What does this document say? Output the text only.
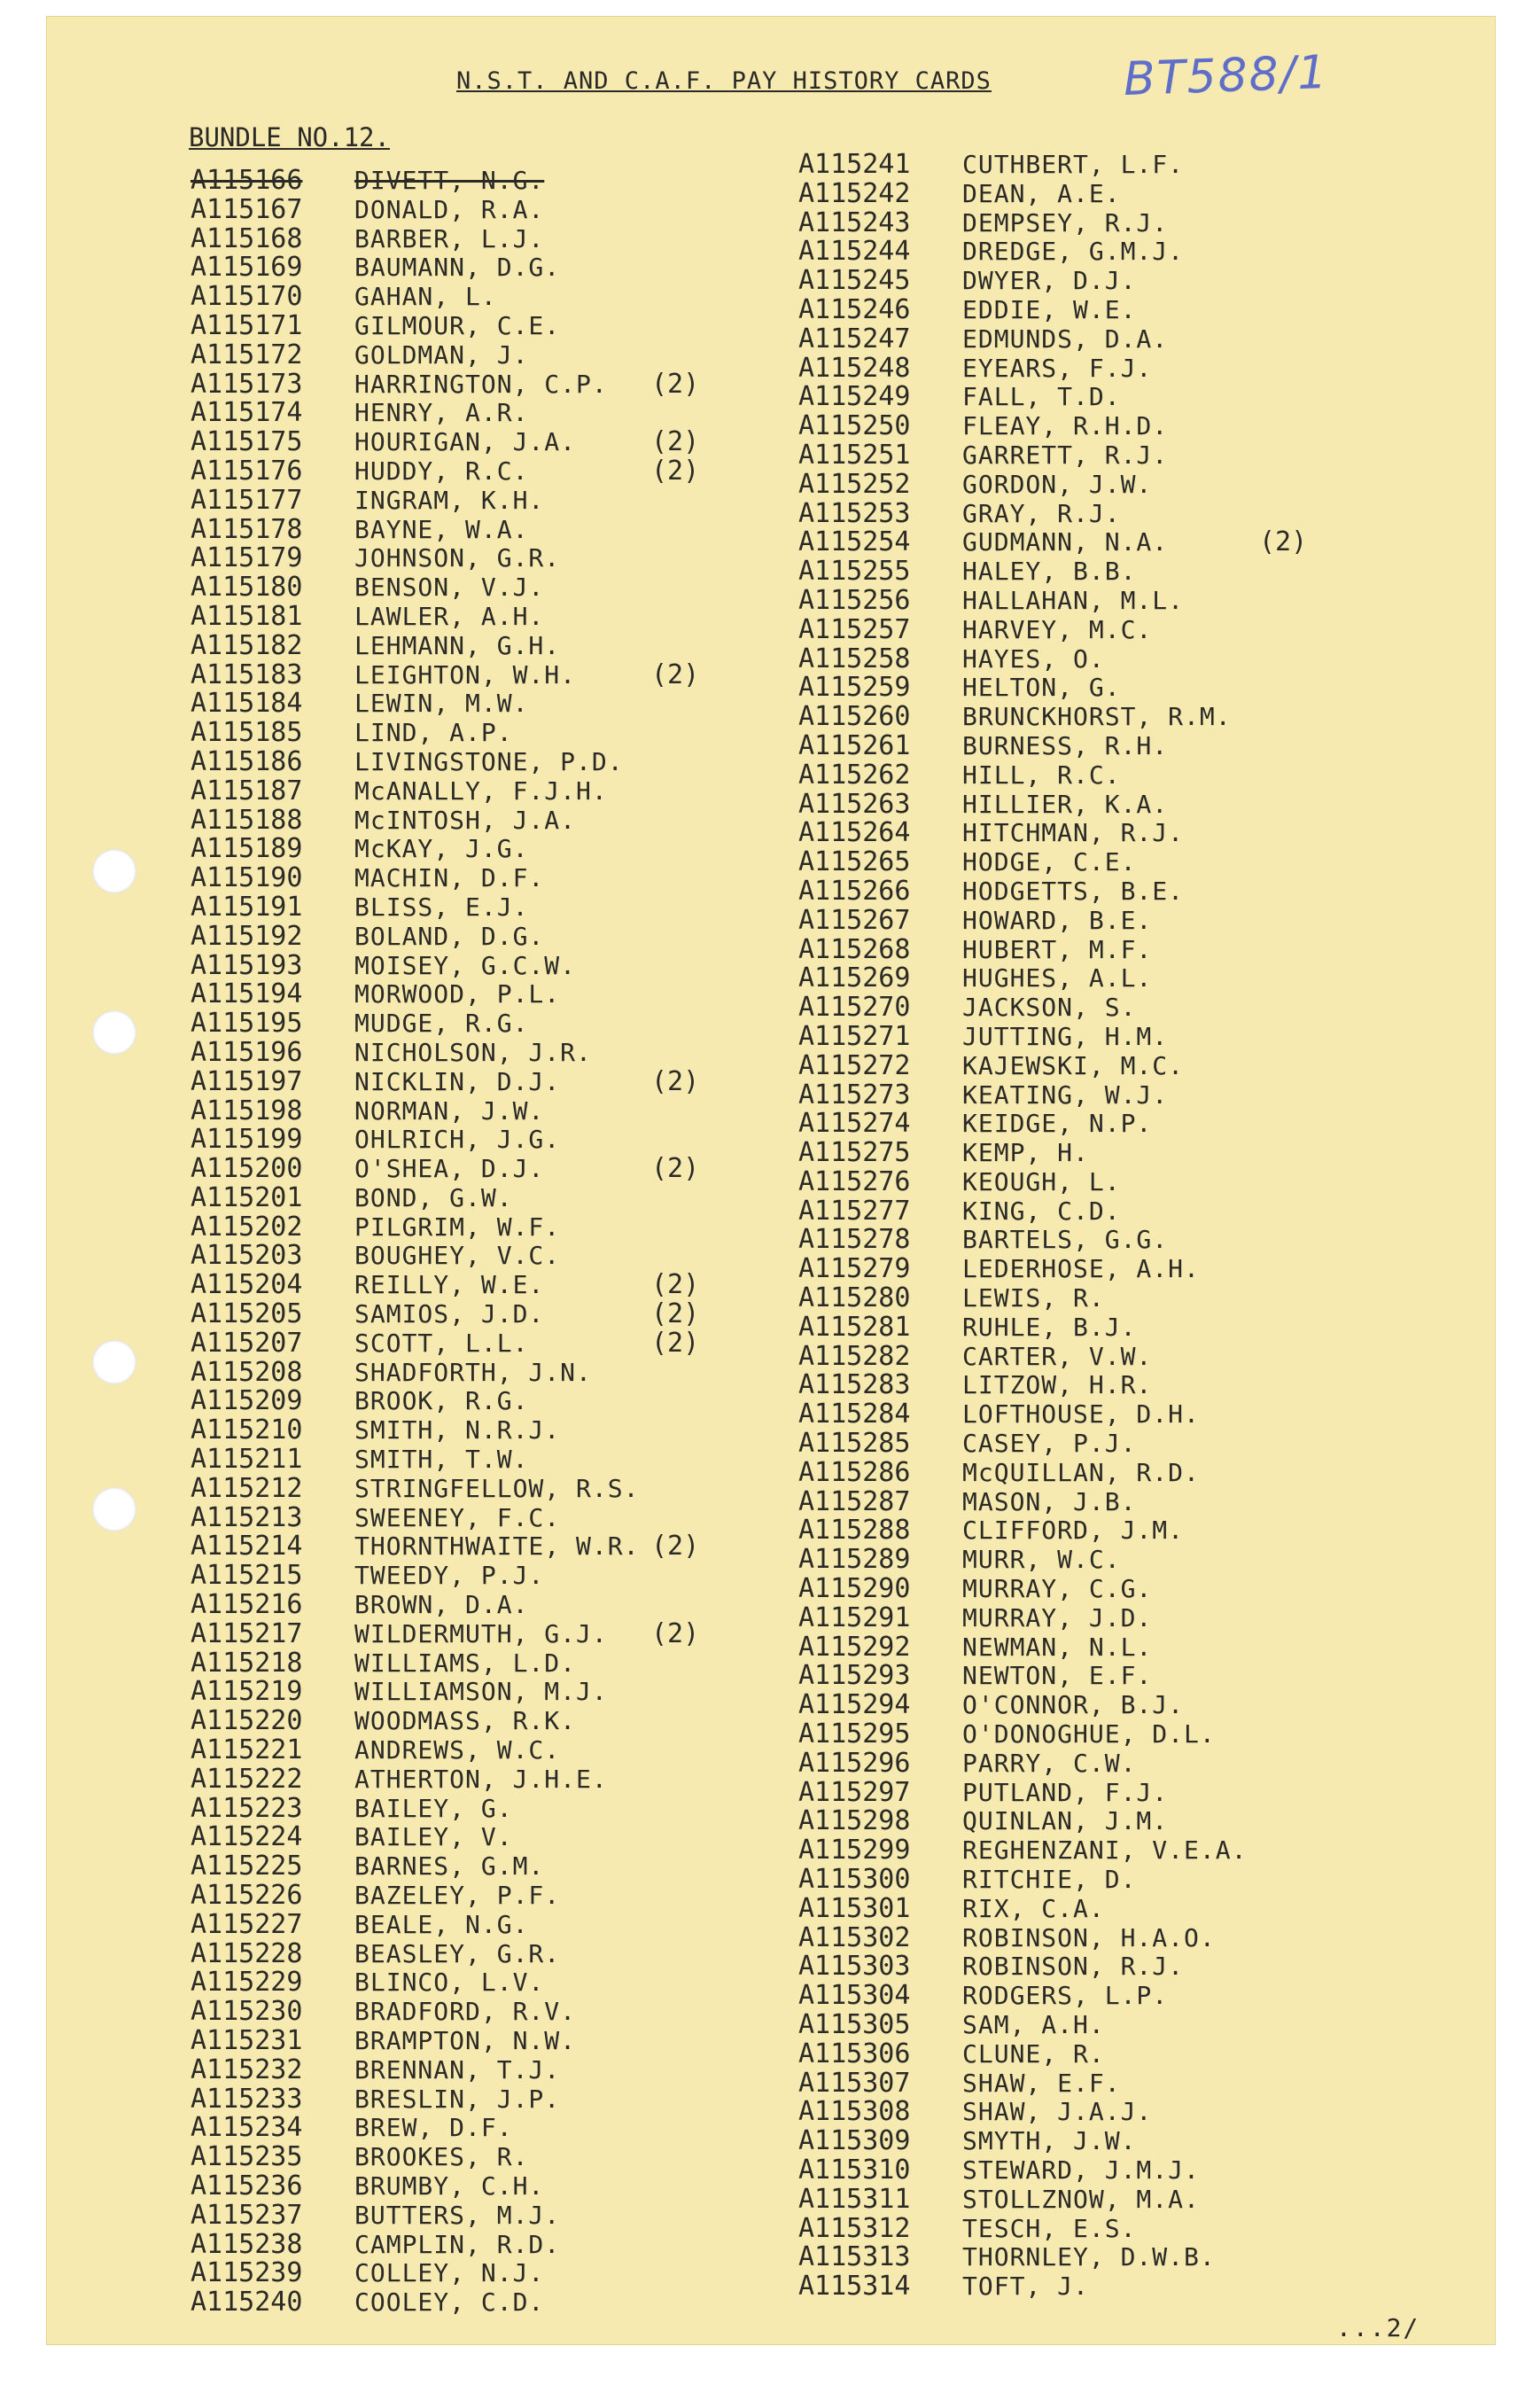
N.S.T. AND C.A.F. PAY HISTORY CARDS	BT588/1
BUNDLE NO.12.
A115166	DIVETT, N.G.
A115167	DONALD, R.A.
A115168	BARBER, L.J.
A115169	BAUMANN, D.G.
A115170	GAHAN, L.
A115171	GILMOUR, C.E.
A115172	GOLDMAN, J.
A115173	HARRINGTON, C.P.	(2)
A115174	HENRY, A.R.
A115175	HOURIGAN, J.A.	(2)
A115176	HUDDY, R.C.	(2)
A115177	INGRAM, K.H.
A115178	BAYNE, W.A.
A115179	JOHNSON, G.R.
A115180	BENSON, V.J.
A115181	LAWLER, A.H.
A115182	LEHMANN, G.H.
A115183	LEIGHTON, W.H.	(2)
A115184	LEWIN, M.W.
A115185	LIND, A.P.
A115186	LIVINGSTONE, P.D.
A115187	McANALLY, F.J.H.
A115188	McINTOSH, J.A.
A115189	McKAY, J.G.
A115190	MACHIN, D.F.
A115191	BLISS, E.J.
A115192	BOLAND, D.G.
A115193	MOISEY, G.C.W.
A115194	MORWOOD, P.L.
A115195	MUDGE, R.G.
A115196	NICHOLSON, J.R.
A115197	NICKLIN, D.J.	(2)
A115198	NORMAN, J.W.
A115199	OHLRICH, J.G.
A115200	O'SHEA, D.J.	(2)
A115201	BOND, G.W.
A115202	PILGRIM, W.F.
A115203	BOUGHEY, V.C.
A115204	REILLY, W.E.	(2)
A115205	SAMIOS, J.D.	(2)
A115207	SCOTT, L.L.	(2)
A115208	SHADFORTH, J.N.
A115209	BROOK, R.G.
A115210	SMITH, N.R.J.
A115211	SMITH, T.W.
A115212	STRINGFELLOW, R.S.
A115213	SWEENEY, F.C.
A115214	THORNTHWAITE, W.R. (2)
A115215	TWEEDY, P.J.
A115216	BROWN, D.A.
A115217	WILDERMUTH, G.J.	(2)
A115218	WILLIAMS, L.D.
A115219	WILLIAMSON, M.J.
A115220	WOODMASS, R.K.
A115221	ANDREWS, W.C.
A115222	ATHERTON, J.H.E.
A115223	BAILEY, G.
A115224	BAILEY, V.
A115225	BARNES, G.M.
A115226	BAZELEY, P.F.
A115227	BEALE, N.G.
A115228	BEASLEY, G.R.
A115229	BLINCO, L.V.
A115230	BRADFORD, R.V.
A115231	BRAMPTON, N.W.
A115232	BRENNAN, T.J.
A115233	BRESLIN, J.P.
A115234	BREW, D.F.
A115235	BROOKES, R.
A115236	BRUMBY, C.H.
A115237	BUTTERS, M.J.
A115238	CAMPLIN, R.D.
A115239	COLLEY, N.J.
A115240	COOLEY, C.D.
A115241	CUTHBERT, L.F.
A115242	DEAN, A.E.
A115243	DEMPSEY, R.J.
A115244	DREDGE, G.M.J.
A115245	DWYER, D.J.
A115246	EDDIE, W.E.
A115247	EDMUNDS, D.A.
A115248	EYEARS, F.J.
A115249	FALL, T.D.
A115250	FLEAY, R.H.D.
A115251	GARRETT, R.J.
A115252	GORDON, J.W.
A115253	GRAY, R.J.
A115254	GUDMANN, N.A.	(2)
A115255	HALEY, B.B.
A115256	HALLAHAN, M.L.
A115257	HARVEY, M.C.
A115258	HAYES, O.
A115259	HELTON, G.
A115260	BRUNCKHORST, R.M.
A115261	BURNESS, R.H.
A115262	HILL, R.C.
A115263	HILLIER, K.A.
A115264	HITCHMAN, R.J.
A115265	HODGE, C.E.
A115266	HODGETTS, B.E.
A115267	HOWARD, B.E.
A115268	HUBERT, M.F.
A115269	HUGHES, A.L.
A115270	JACKSON, S.
A115271	JUTTING, H.M.
A115272	KAJEWSKI, M.C.
A115273	KEATING, W.J.
A115274	KEIDGE, N.P.
A115275	KEMP, H.
A115276	KEOUGH, L.
A115277	KING, C.D.
A115278	BARTELS, G.G.
A115279	LEDERHOSE, A.H.
A115280	LEWIS, R.
A115281	RUHLE, B.J.
A115282	CARTER, V.W.
A115283	LITZOW, H.R.
A115284	LOFTHOUSE, D.H.
A115285	CASEY, P.J.
A115286	McQUILLAN, R.D.
A115287	MASON, J.B.
A115288	CLIFFORD, J.M.
A115289	MURR, W.C.
A115290	MURRAY, C.G.
A115291	MURRAY, J.D.
A115292	NEWMAN, N.L.
A115293	NEWTON, E.F.
A115294	O'CONNOR, B.J.
A115295	O'DONOGHUE, D.L.
A115296	PARRY, C.W.
A115297	PUTLAND, F.J.
A115298	QUINLAN, J.M.
A115299	REGHENZANI, V.E.A.
A115300	RITCHIE, D.
A115301	RIX, C.A.
A115302	ROBINSON, H.A.O.
A115303	ROBINSON, R.J.
A115304	RODGERS, L.P.
A115305	SAM, A.H.
A115306	CLUNE, R.
A115307	SHAW, E.F.
A115308	SHAW, J.A.J.
A115309	SMYTH, J.W.
A115310	STEWARD, J.M.J.
A115311	STOLLZNOW, M.A.
A115312	TESCH, E.S.
A115313	THORNLEY, D.W.B.
A115314	TOFT, J.
...2/
